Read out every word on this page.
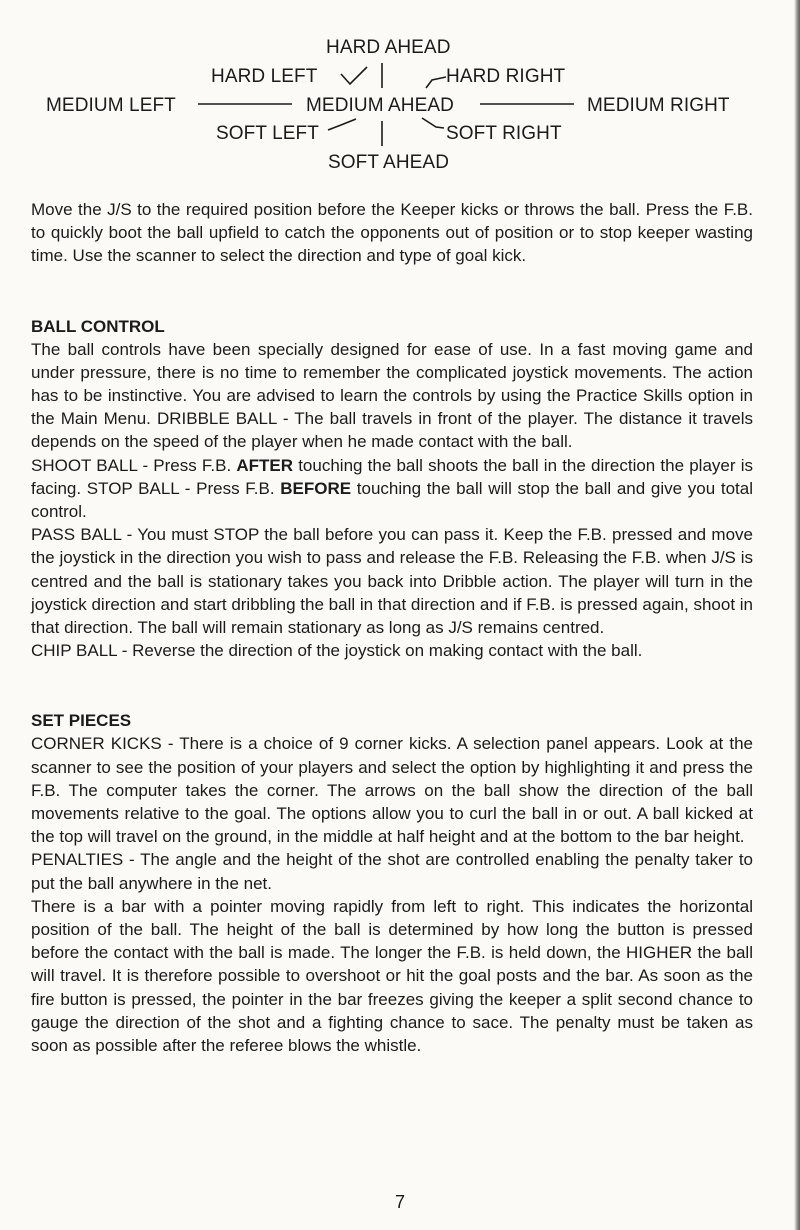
HARD AHEAD
HARD LEFT	HARD RIGHT
MEDIUM LEFT	MEDIUM AHEAD	MEDIUM RIGHT
SOFT LEFT	SOFT RIGHT
SOFT AHEAD

Move the J/S to the required position before the Keeper kicks or throws the ball. Press the F.B. to quickly boot the ball upfield to catch the opponents out of position or to stop keeper wasting time. Use the scanner to select the direction and type of goal kick.

BALL CONTROL

The ball controls have been specially designed for ease of use. In a fast moving game and under pressure, there is no time to remember the complicated joystick movements. The action has to be instinctive. You are advised to learn the controls by using the Practice Skills option in the Main Menu. DRIBBLE BALL - The ball travels in front of the player. The distance it travels depends on the speed of the player when he made contact with the ball.

SHOOT BALL - Press F.B. AFTER touching the ball shoots the ball in the direction the player is facing. STOP BALL - Press F.B. BEFORE touching the ball will stop the ball and give you total control.

PASS BALL - You must STOP the ball before you can pass it. Keep the F.B. pressed and move the joystick in the direction you wish to pass and release the F.B. Releasing the F.B. when J/S is centred and the ball is stationary takes you back into Dribble action. The player will turn in the joystick direction and start dribbling the ball in that direction and if F.B. is pressed again, shoot in that direction. The ball will remain stationary as long as J/S remains centred.

CHIP BALL - Reverse the direction of the joystick on making contact with the ball.

SET PIECES

CORNER KICKS - There is a choice of 9 corner kicks. A selection panel appears. Look at the scanner to see the position of your players and select the option by highlighting it and press the F.B. The computer takes the corner. The arrows on the ball show the direction of the ball movements relative to the goal. The options allow you to curl the ball in or out. A ball kicked at the top will travel on the ground, in the middle at half height and at the bottom to the bar height.

PENALTIES - The angle and the height of the shot are controlled enabling the penalty taker to put the ball anywhere in the net.

There is a bar with a pointer moving rapidly from left to right. This indicates the horizontal position of the ball. The height of the ball is determined by how long the button is pressed before the contact with the ball is made. The longer the F.B. is held down, the HIGHER the ball will travel. It is therefore possible to overshoot or hit the goal posts and the bar. As soon as the fire button is pressed, the pointer in the bar freezes giving the keeper a split second chance to gauge the direction of the shot and a fighting chance to sace. The penalty must be taken as soon as possible after the referee blows the whistle.

7
